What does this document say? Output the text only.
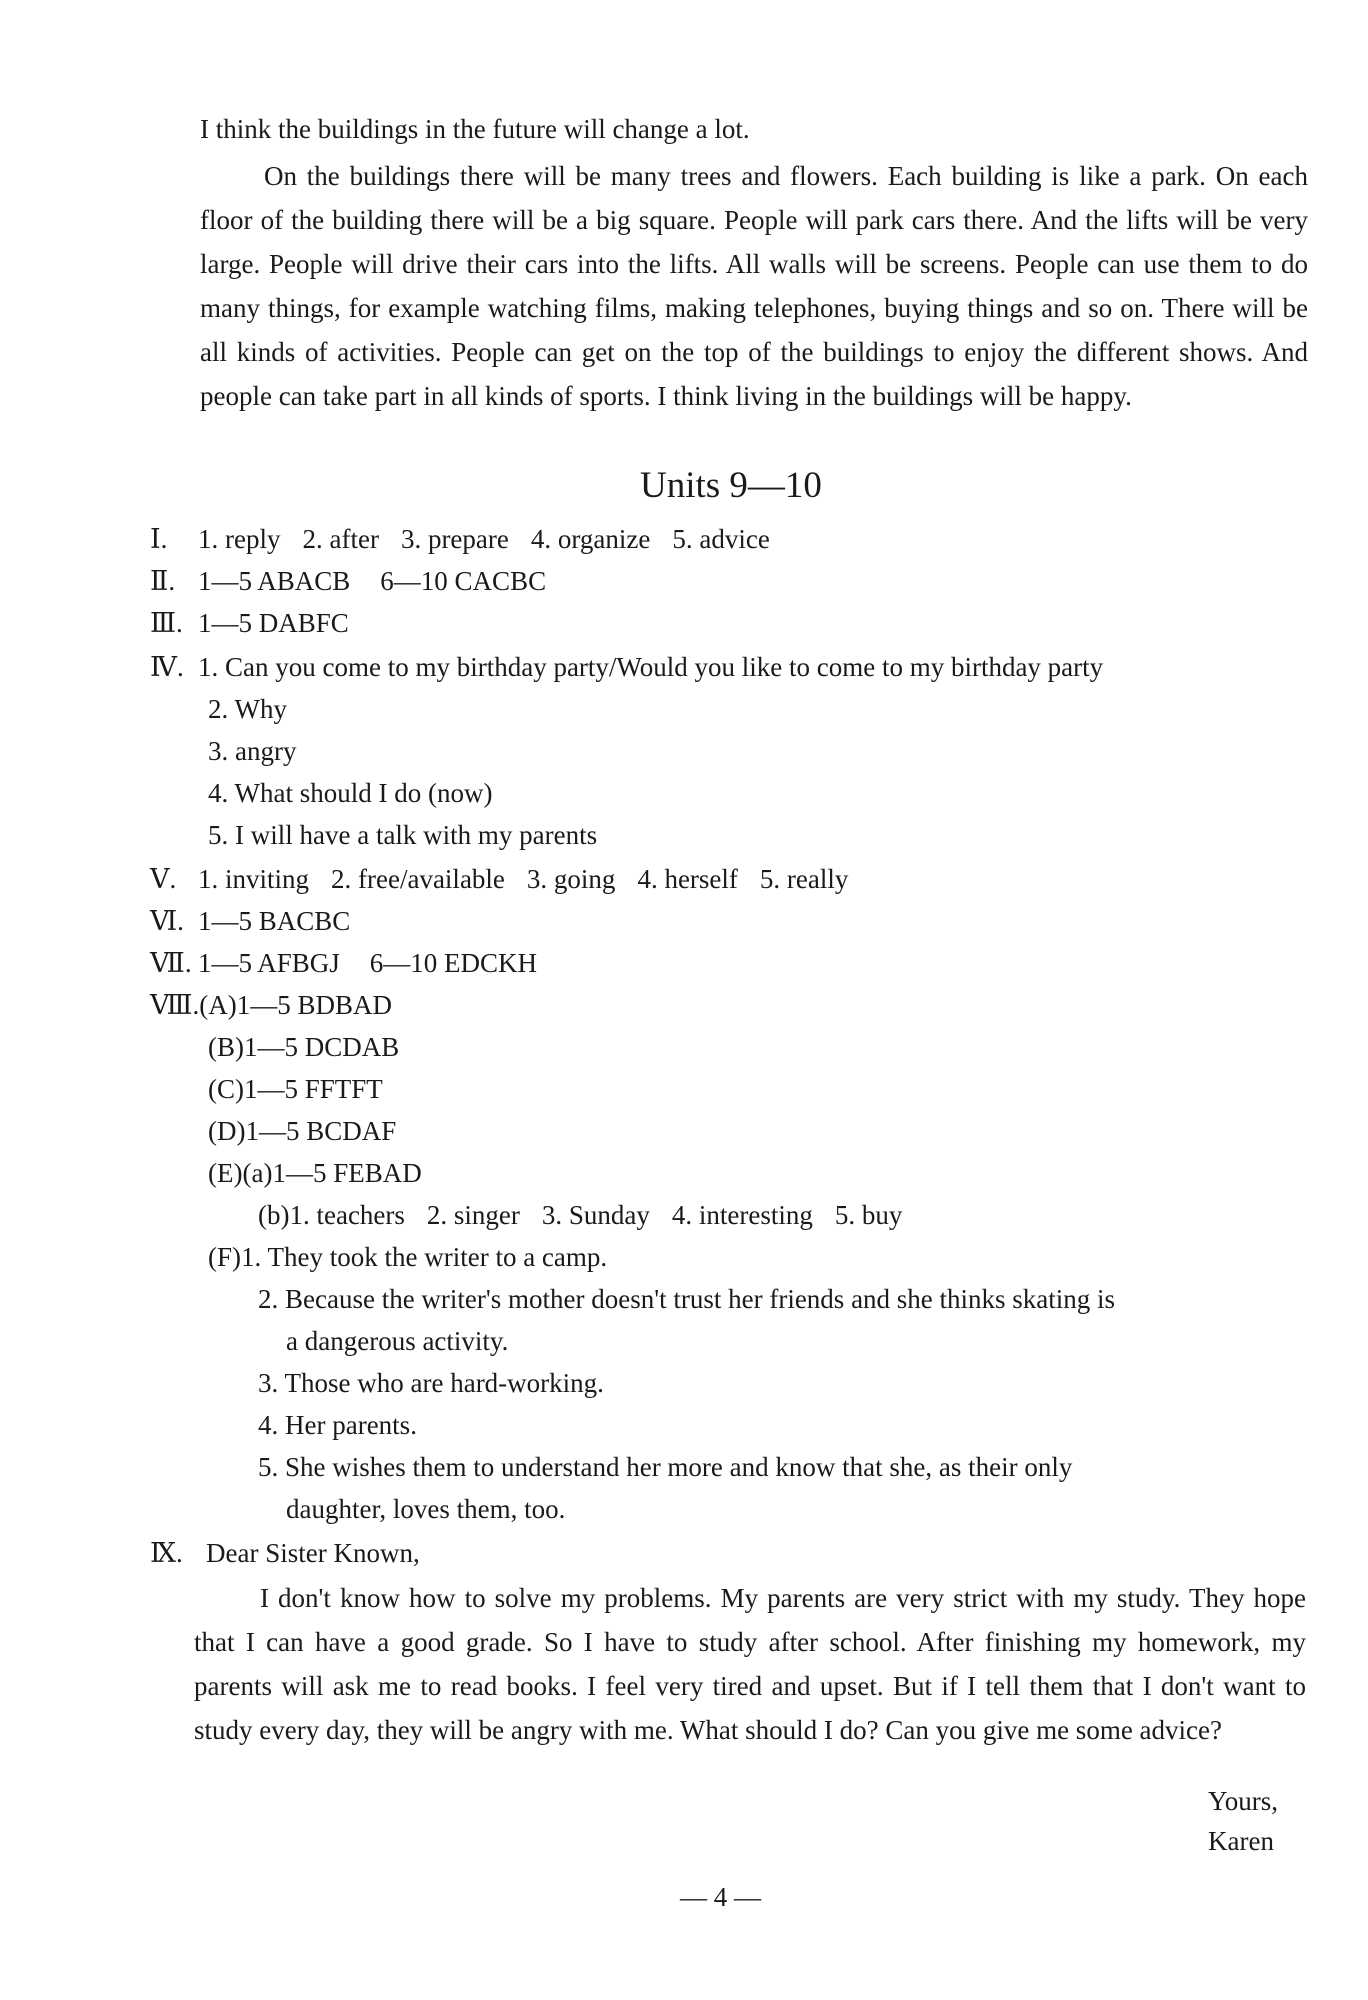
I think the buildings in the future will change a lot.
On the buildings there will be many trees and flowers. Each building is like a park. On each floor of the building there will be a big square. People will park cars there. And the lifts will be very large. People will drive their cars into the lifts. All walls will be screens. People can use them to do many things, for example watching films, making telephones, buying things and so on. There will be all kinds of activities. People can get on the top of the buildings to enjoy the different shows. And people can take part in all kinds of sports. I think living in the buildings will be happy.
Units 9—10
Ⅰ. 1. reply 2. after 3. prepare 4. organize 5. advice
Ⅱ. 1—5 ABACB 6—10 CACBC
Ⅲ. 1—5 DABFC
Ⅳ. 1. Can you come to my birthday party/Would you like to come to my birthday party
2. Why
3. angry
4. What should I do (now)
5. I will have a talk with my parents
Ⅴ. 1. inviting 2. free/available 3. going 4. herself 5. really
Ⅵ. 1—5 BACBC
Ⅶ. 1—5 AFBGJ 6—10 EDCKH
Ⅷ.(A)1—5 BDBAD
(B)1—5 DCDAB
(C)1—5 FFTFT
(D)1—5 BCDAF
(E)(a)1—5 FEBAD
(b)1. teachers 2. singer 3. Sunday 4. interesting 5. buy
(F)1. They took the writer to a camp.
2. Because the writer's mother doesn't trust her friends and she thinks skating is
a dangerous activity.
3. Those who are hard-working.
4. Her parents.
5. She wishes them to understand her more and know that she, as their only
daughter, loves them, too.
Ⅸ. Dear Sister Known,
I don't know how to solve my problems. My parents are very strict with my study. They hope that I can have a good grade. So I have to study after school. After finishing my homework, my parents will ask me to read books. I feel very tired and upset. But if I tell them that I don't want to study every day, they will be angry with me. What should I do? Can you give me some advice?
Yours,
Karen
— 4 —
